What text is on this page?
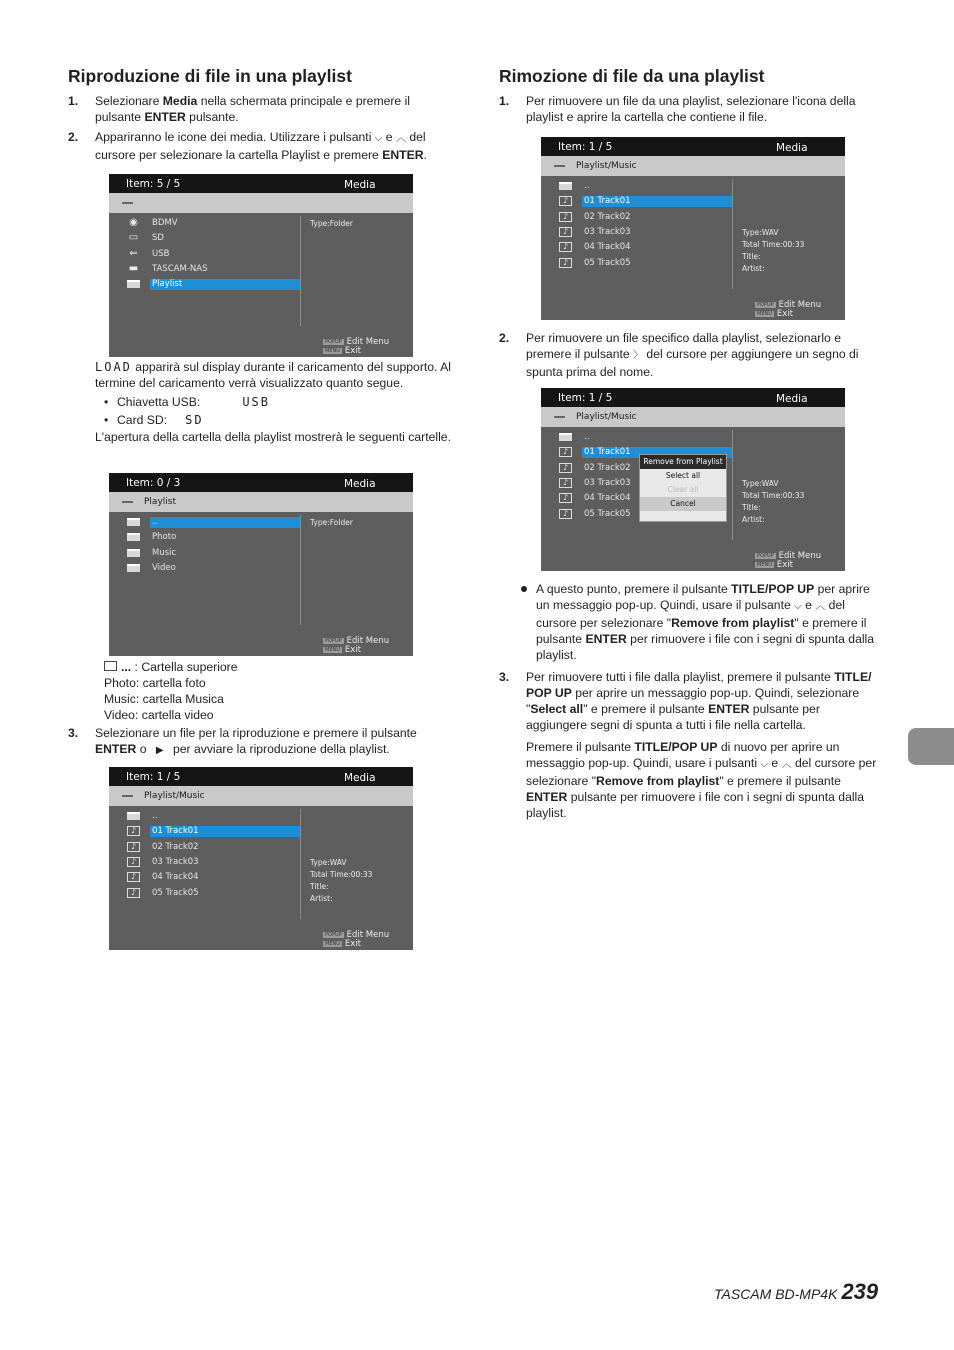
Riproduzione di file in una playlist
1. Selezionare Media nella schermata principale e premere il pulsante ENTER pulsante.
2. Appariranno le icone dei media. Utilizzare i pulsanti ⌵ e ︿ del cursore per selezionare la cartella Playlist e premere ENTER.

LOAD apparirà sul display durante il caricamento del supporto. Al termine del caricamento verrà visualizzato quanto segue.

• Chiavetta USB:	USB
• Card SD: SD

L'apertura della cartella della playlist mostrerà le seguenti cartelle.

... : Cartella superiore

Photo: cartella foto

Music: cartella Musica

Video: cartella video

3. Selezionare un file per la riproduzione e premere il pulsante ENTER o ▶ per avviare la riproduzione della playlist.
Rimozione di file da una playlist
1. Per rimuovere un file da una playlist, selezionare l'icona della playlist e aprire la cartella che contiene il file.
2. Per rimuovere un file specifico dalla playlist, selezionarlo e premere il pulsante 〉 del cursore per aggiungere un segno di spunta prima del nome.
A questo punto, premere il pulsante TITLE/POP UP per aprire un messaggio pop-up. Quindi, usare il pulsante ⌵ e ︿ del cursore per selezionare "Remove from playlist" e premere il pulsante ENTER per rimuovere i file con i segni di spunta dalla playlist.
3. Per rimuovere tutti i file dalla playlist, premere il pulsante TITLE/ POP UP per aprire un messaggio pop-up. Quindi, selezionare "Select all" e premere il pulsante ENTER pulsante per aggiungere segni di spunta a tutti i file nella cartella.

Premere il pulsante TITLE/POP UP di nuovo per aprire un messaggio pop-up. Quindi, usare i pulsanti ⌵ e ︿ del cursore per selezionare "Remove from playlist" e premere il pulsante ENTER pulsante per rimuovere i file con i segni di spunta dalla playlist.

Item: 5 / 5	Media
◉ BDMV
▭ SD
⇐ USB
▬ TASCAM-NAS
Playlist
Type:Folder
POPUP Edit Menu
MENU Exit
Item: 0 / 3	Media
Playlist
..
Photo
Music
Video
Type:Folder
POPUP Edit Menu
MENU Exit
Item: 1 / 5	Media
Playlist/Music
..
♪	01 Track01
♪	02 Track02
♪	03 Track03
♪	04 Track04
♪	05 Track05
Type:WAV
Total Time:00:33
Title:
Artist:
POPUP Edit Menu
MENU Exit
Item: 1 / 5	Media
Playlist/Music
..
♪	01 Track01
♪	02 Track02
♪	03 Track03
♪	04 Track04
♪	05 Track05
Type:WAV
Total Time:00:33
Title:
Artist:
POPUP Edit Menu
MENU Exit
Item: 1 / 5	Media
Playlist/Music
..
♪	01 Track01
♪	02 Track02
♪	03 Track03
♪	04 Track04
♪	05 Track05
Type:WAV
Total Time:00:33
Title:
Artist:
Remove from Playlist
Select all
Clear all
Cancel
POPUP Edit Menu
MENU Exit
TASCAM BD-MP4K 239
